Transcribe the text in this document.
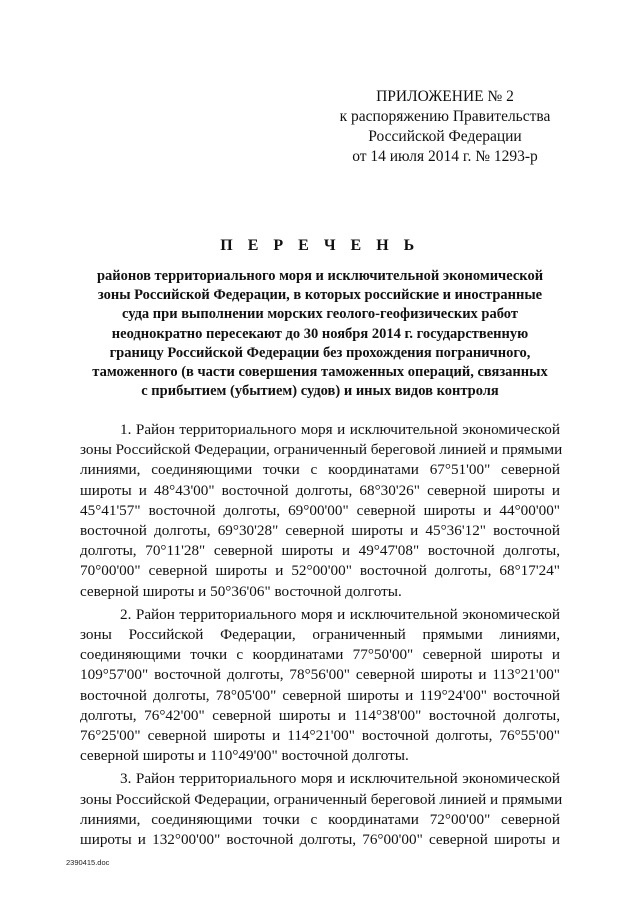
ПРИЛОЖЕНИЕ № 2
к распоряжению Правительства
Российской Федерации
от 14 июля 2014 г. № 1293-р
П Е Р Е Ч Е Н Ь
районов территориального моря и исключительной экономической
зоны Российской Федерации, в которых российские и иностранные
суда при выполнении морских геолого-геофизических работ
неоднократно пересекают до 30 ноября 2014 г. государственную
границу Российской Федерации без прохождения пограничного,
таможенного (в части совершения таможенных операций, связанных
с прибытием (убытием) судов) и иных видов контроля
1. Район территориального моря и исключительной экономической
зоны Российской Федерации, ограниченный береговой линией и прямыми
линиями, соединяющими точки с координатами 67°51'00" северной
широты и 48°43'00" восточной долготы, 68°30'26" северной широты и
45°41'57" восточной долготы, 69°00'00" северной широты и 44°00'00"
восточной долготы, 69°30'28" северной широты и 45°36'12" восточной
долготы, 70°11'28" северной широты и 49°47'08" восточной долготы,
70°00'00" северной широты и 52°00'00" восточной долготы, 68°17'24"
северной широты и 50°36'06" восточной долготы.
2. Район территориального моря и исключительной экономической
зоны Российской Федерации, ограниченный прямыми линиями,
соединяющими точки с координатами 77°50'00" северной широты и
109°57'00" восточной долготы, 78°56'00" северной широты и 113°21'00"
восточной долготы, 78°05'00" северной широты и 119°24'00" восточной
долготы, 76°42'00" северной широты и 114°38'00" восточной долготы,
76°25'00" северной широты и 114°21'00" восточной долготы, 76°55'00"
северной широты и 110°49'00" восточной долготы.
3. Район территориального моря и исключительной экономической
зоны Российской Федерации, ограниченный береговой линией и прямыми
линиями, соединяющими точки с координатами 72°00'00" северной
широты и 132°00'00" восточной долготы, 76°00'00" северной широты и
2390415.doc
